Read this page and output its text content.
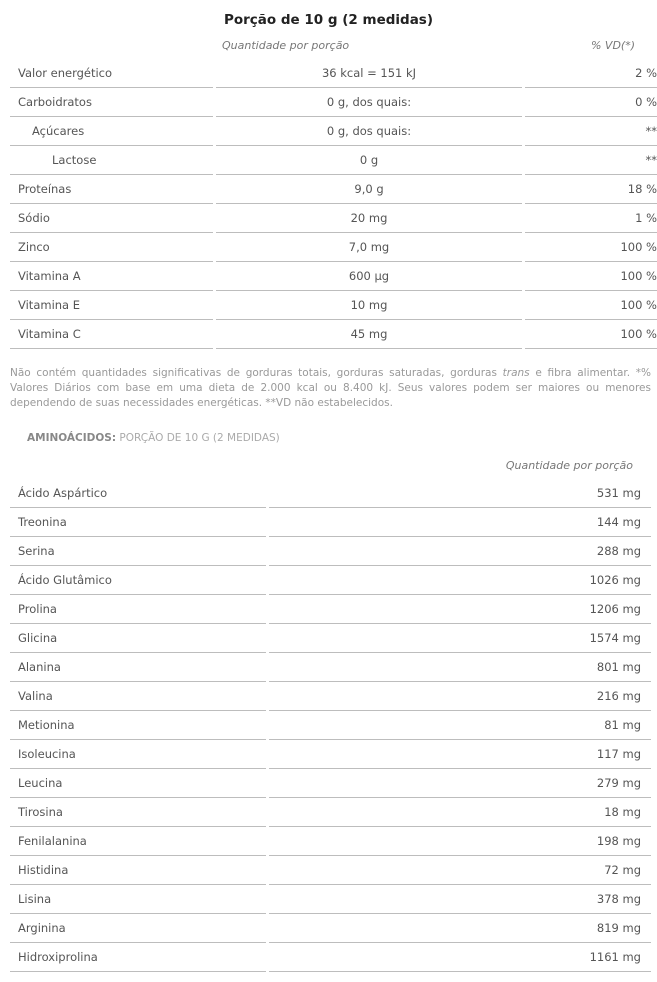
Porção de 10 g (2 medidas)
Quantidade por porção	% VD(*)
Valor energético	36 kcal = 151 kJ	2 %
Carboidratos	0 g, dos quais:	0 %
Açúcares	0 g, dos quais:	**
Lactose	0 g	**
Proteínas	9,0 g	18 %
Sódio	20 mg	1 %
Zinco	7,0 mg	100 %
Vitamina A	600 µg	100 %
Vitamina E	10 mg	100 %
Vitamina C	45 mg	100 %
Não contém quantidades significativas de gorduras totais, gorduras saturadas, gorduras trans e fibra alimentar. *% Valores Diários com base em uma dieta de 2.000 kcal ou 8.400 kJ. Seus valores podem ser maiores ou menores dependendo de suas necessidades energéticas. **VD não estabelecidos.
AMINOÁCIDOS: PORÇÃO DE 10 G (2 MEDIDAS)
Quantidade por porção
Ácido Aspártico	531 mg
Treonina	144 mg
Serina	288 mg
Ácido Glutâmico	1026 mg
Prolina	1206 mg
Glicina	1574 mg
Alanina	801 mg
Valina	216 mg
Metionina	81 mg
Isoleucina	117 mg
Leucina	279 mg
Tirosina	18 mg
Fenilalanina	198 mg
Histidina	72 mg
Lisina	378 mg
Arginina	819 mg
Hidroxiprolina	1161 mg
